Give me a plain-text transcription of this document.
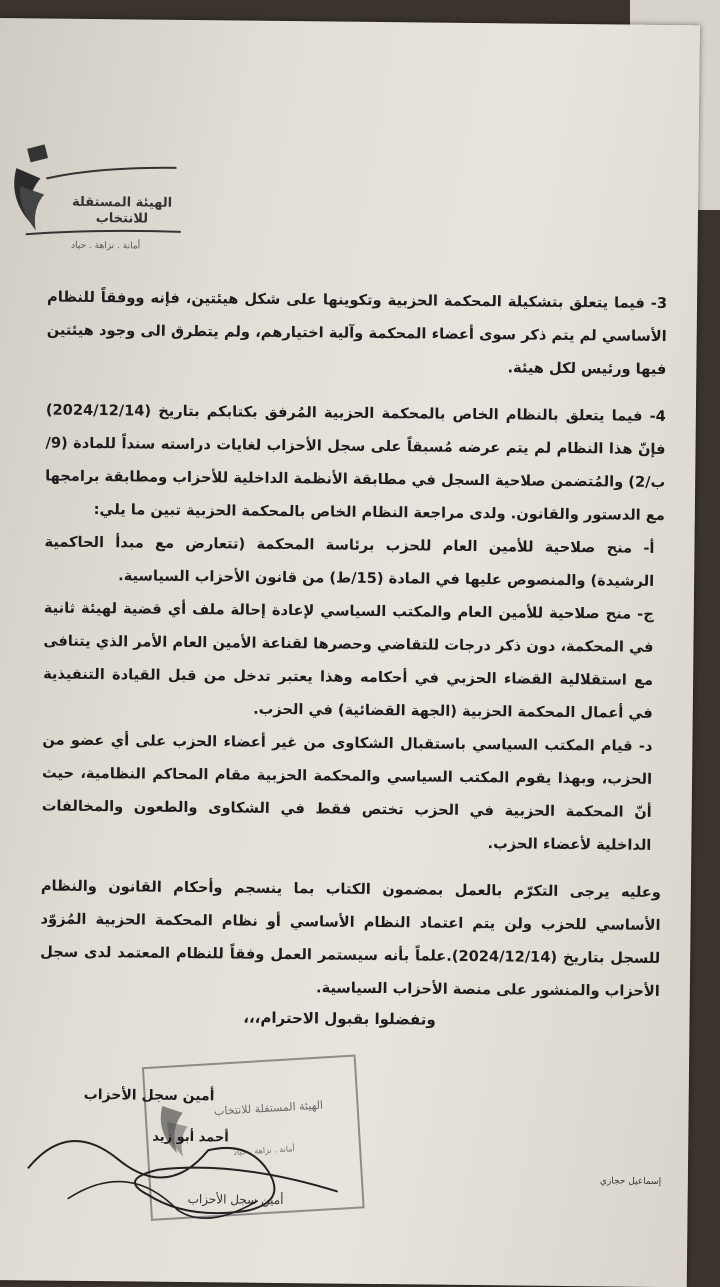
الهيئة المستقلة للانتخاب
أمانة . نزاهة . حياد

3- فيما يتعلق بتشكيلة المحكمة الحزبية وتكوينها على شكل هيئتين، فإنه ووفقاً للنظام الأساسي لم يتم ذكر سوى أعضاء المحكمة وآلية اختيارهم، ولم يتطرق الى وجود هيئتين فيها ورئيس لكل هيئة.

4- فيما يتعلق بالنظام الخاص بالمحكمة الحزبية المُرفق بكتابكم بتاريخ (2024/12/14) فإنّ هذا النظام لم يتم عرضه مُسبقاً على سجل الأحزاب لغايات دراسته سنداً للمادة (9/ب/2) والمُتضمن صلاحية السجل في مطابقة الأنظمة الداخلية للأحزاب ومطابقة برامجها مع الدستور والقانون. ولدى مراجعة النظام الخاص بالمحكمة الحزبية تبين ما يلي:

أ- منح صلاحية للأمين العام للحزب برئاسة المحكمة (تتعارض مع مبدأ الحاكمية الرشيدة) والمنصوص عليها في المادة (15/ط) من قانون الأحزاب السياسية.

ج- منح صلاحية للأمين العام والمكتب السياسي لإعادة إحالة ملف أي قضية لهيئة ثانية في المحكمة، دون ذكر درجات للتقاضي وحصرها لقناعة الأمين العام الأمر الذي يتنافى مع استقلالية القضاء الحزبي في أحكامه وهذا يعتبر تدخل من قبل القيادة التنفيذية في أعمال المحكمة الحزبية (الجهة القضائية) في الحزب.

د- قيام المكتب السياسي باستقبال الشكاوى من غير أعضاء الحزب على أي عضو من الحزب، وبهذا يقوم المكتب السياسي والمحكمة الحزبية مقام المحاكم النظامية، حيث أنّ المحكمة الحزبية في الحزب تختص فقط في الشكاوى والطعون والمخالفات الداخلية لأعضاء الحزب.

وعليه يرجى التكرّم بالعمل بمضمون الكتاب بما ينسجم وأحكام القانون والنظام الأساسي للحزب ولن يتم اعتماد النظام الأساسي أو نظام المحكمة الحزبية المُزوّد للسجل بتاريخ (2024/12/14).علماً بأنه سيستمر العمل وفقاً للنظام المعتمد لدى سجل الأحزاب والمنشور على منصة الأحزاب السياسية.

وتفضلوا بقبول الاحترام،،،
الهيئة المستقلة للانتخاب
أمانة . نزاهة . حياد
أمين سجل الأحزاب
أحمد أبو زيد
أمين سجل الأحزاب
إسماعيل حجازي
